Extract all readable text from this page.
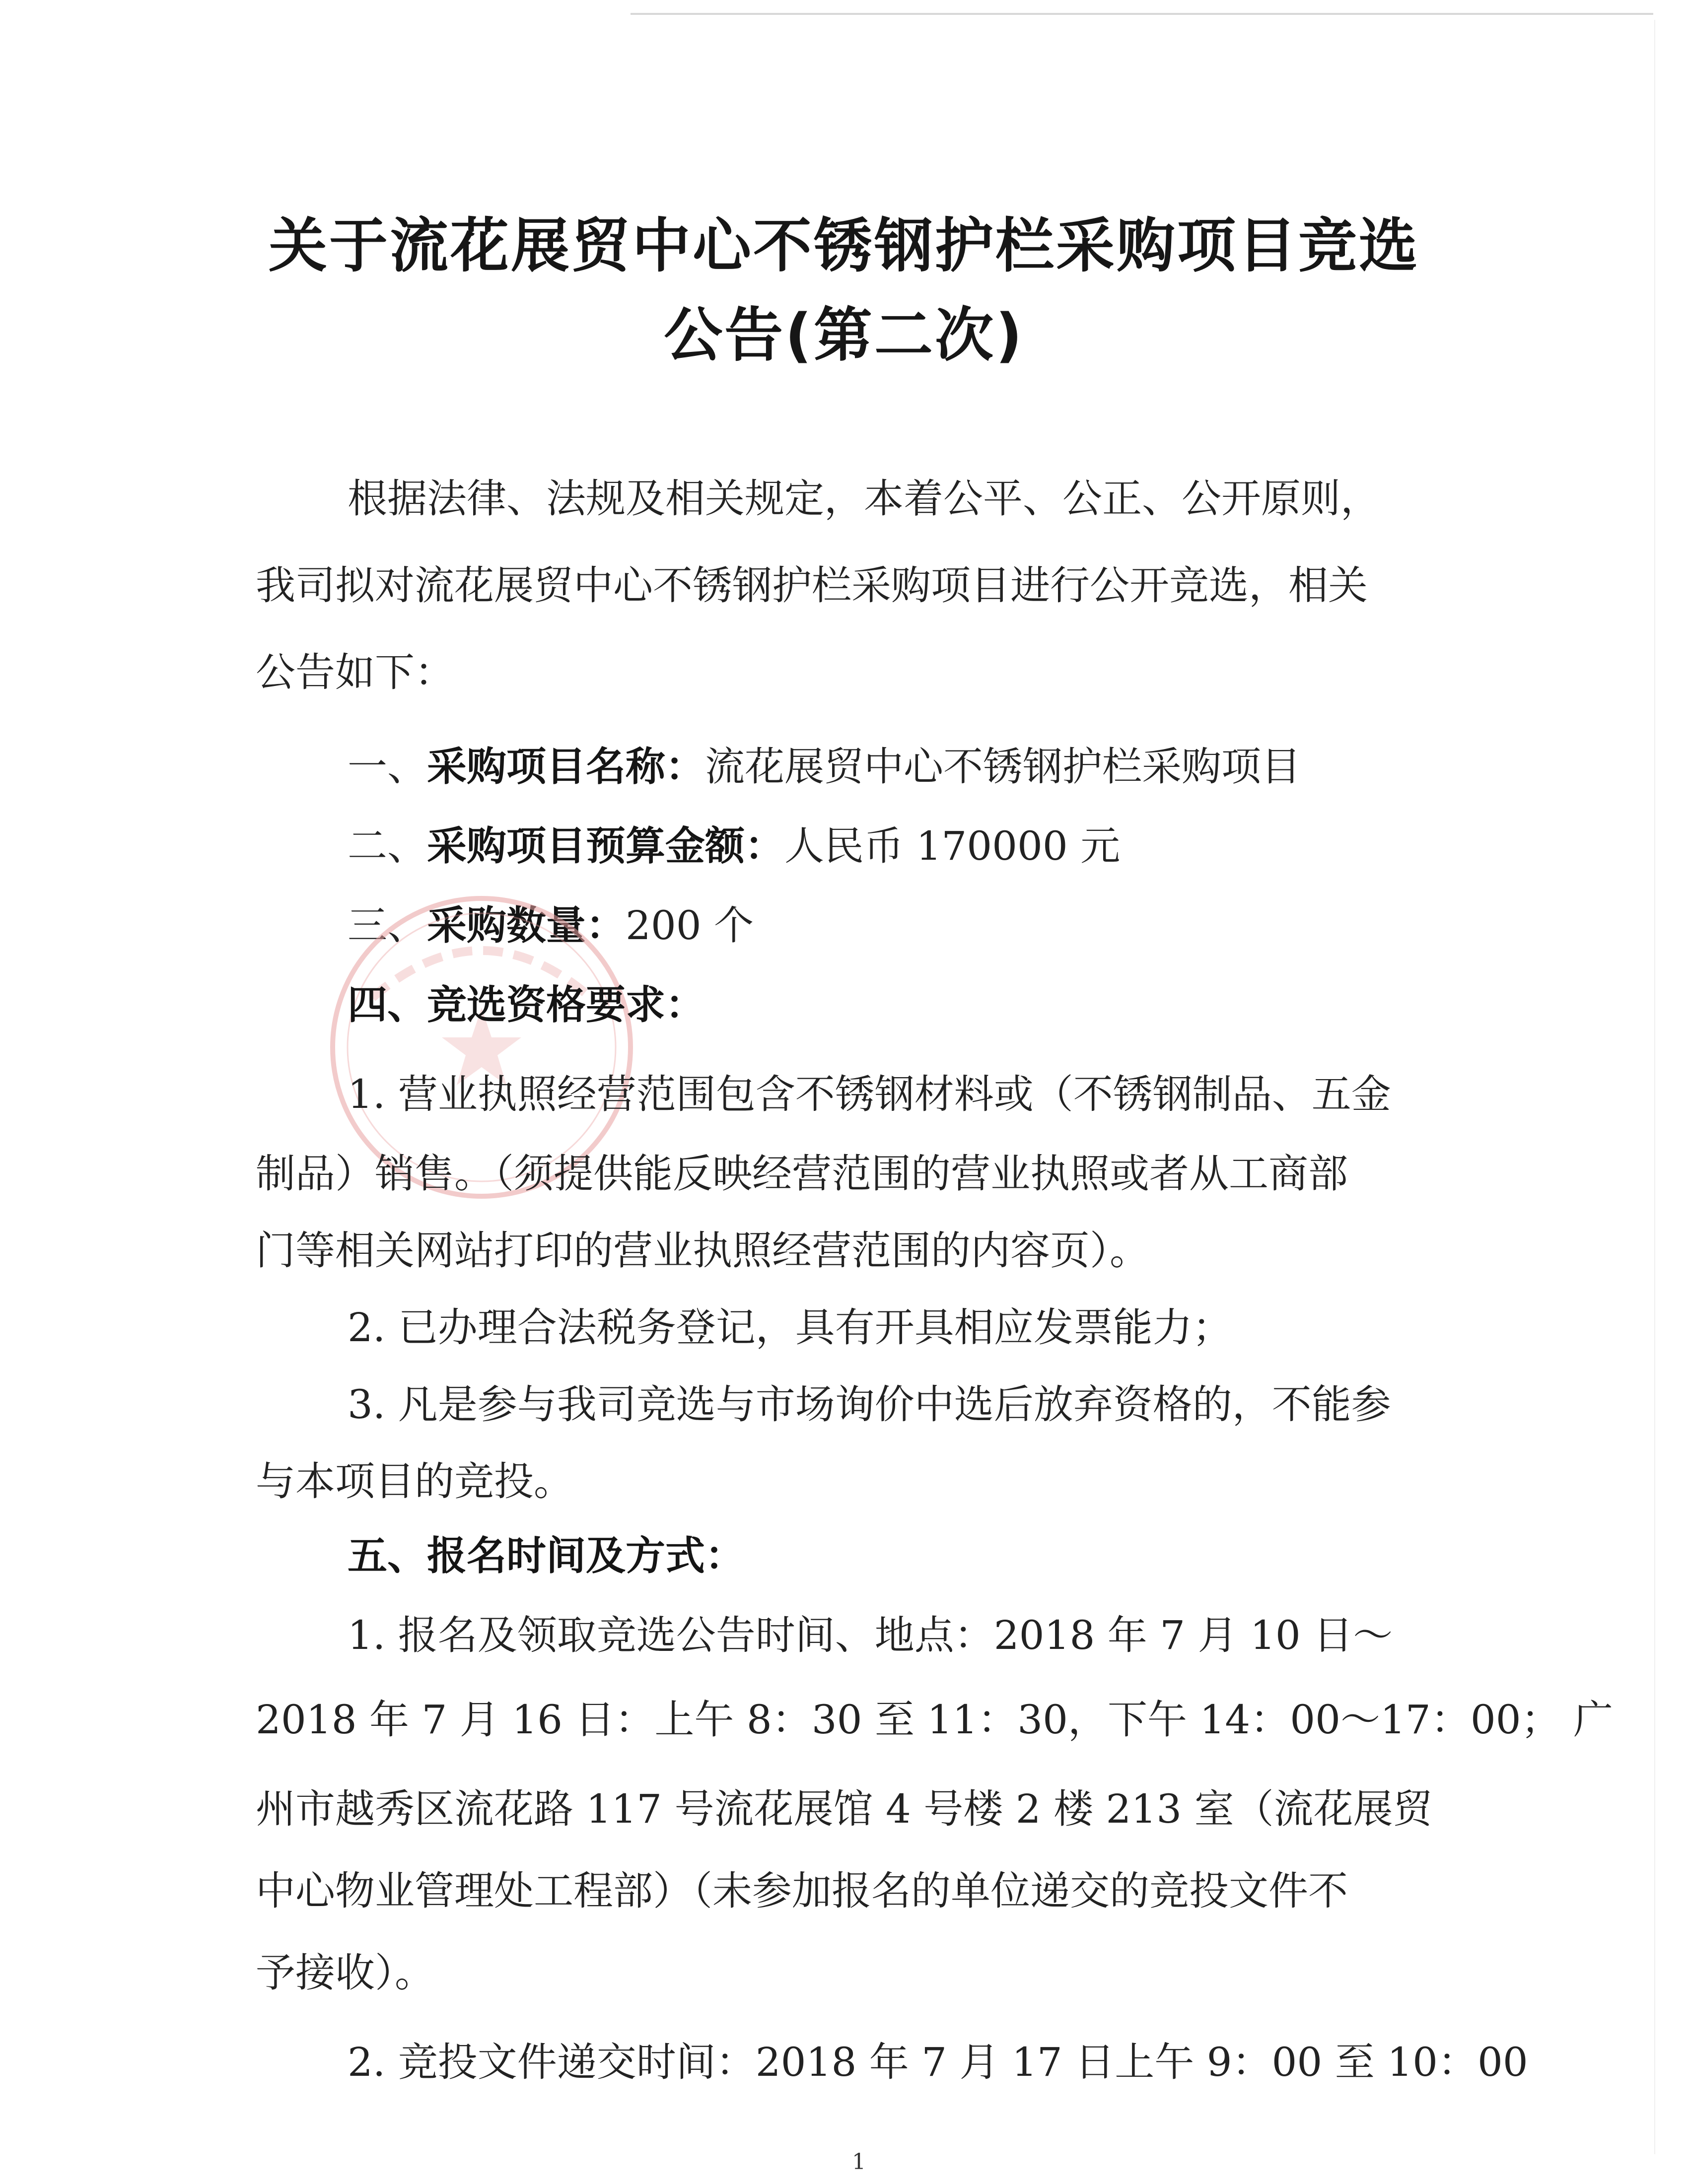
关于流花展贸中心不锈钢护栏采购项目竞选
公告(第二次)
根据法律、法规及相关规定，本着公平、公正、公开原则，
我司拟对流花展贸中心不锈钢护栏采购项目进行公开竞选，相关
公告如下：
一、采购项目名称：流花展贸中心不锈钢护栏采购项目
二、采购项目预算金额：人民币 170000 元
三、采购数量：200 个
四、竞选资格要求：
1. 营业执照经营范围包含不锈钢材料或（不锈钢制品、五金
制品）销售。（须提供能反映经营范围的营业执照或者从工商部
门等相关网站打印的营业执照经营范围的内容页）。
2. 已办理合法税务登记，具有开具相应发票能力；
3. 凡是参与我司竞选与市场询价中选后放弃资格的，不能参
与本项目的竞投。
五、报名时间及方式：
1. 报名及领取竞选公告时间、地点：2018 年 7 月 10 日～
2018 年 7 月 16 日：上午 8：30 至 11：30，下午 14：00～17：00； 广
州市越秀区流花路 117 号流花展馆 4 号楼 2 楼 213 室（流花展贸
中心物业管理处工程部）（未参加报名的单位递交的竞投文件不
予接收）。
2. 竞投文件递交时间：2018 年 7 月 17 日上午 9：00 至 10：00
1
